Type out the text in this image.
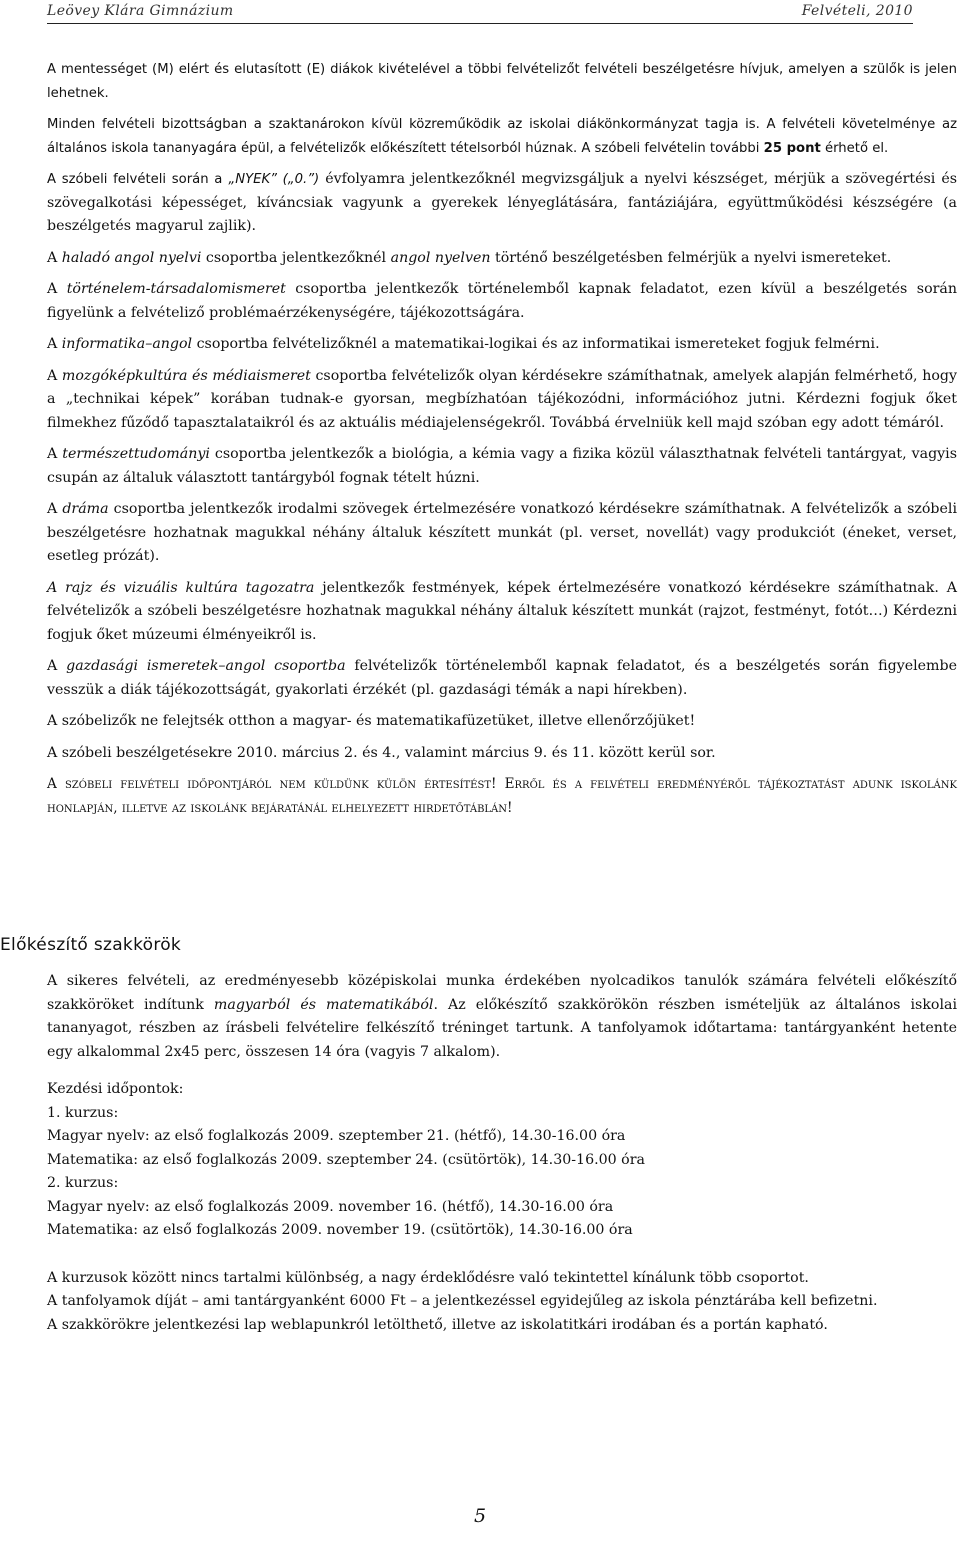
Leövey Klára Gimnázium	Felvételi, 2010

A mentességet (M) elért és elutasított (E) diákok kivételével a többi felvételizőt felvételi beszélgetésre hívjuk, amelyen a szülők is jelen lehetnek.

Minden felvételi bizottságban a szaktanárokon kívül közreműködik az iskolai diákönkormányzat tagja is. A felvételi követelménye az általános iskola tananyagára épül, a felvételizők előkészített tételsorból húznak. A szóbeli felvételin további 25 pont érhető el.

A szóbeli felvételi során a „NYEK” („0.”) évfolyamra jelentkezőknél megvizsgáljuk a nyelvi készséget, mérjük a szövegértési és szövegalkotási képességet, kíváncsiak vagyunk a gyerekek lényeglátására, fantáziájára, együttműködési készségére (a beszélgetés magyarul zajlik).

A haladó angol nyelvi csoportba jelentkezőknél angol nyelven történő beszélgetésben felmérjük a nyelvi ismereteket.

A történelem-társadalomismeret csoportba jelentkezők történelemből kapnak feladatot, ezen kívül a beszélgetés során figyelünk a felvételiző problémaérzékenységére, tájékozottságára.

A informatika–angol csoportba felvételizőknél a matematikai-logikai és az informatikai ismereteket fogjuk felmérni.

A mozgóképkultúra és médiaismeret csoportba felvételizők olyan kérdésekre számíthatnak, amelyek alapján felmérhető, hogy a „technikai képek” korában tudnak-e gyorsan, megbízhatóan tájékozódni, információhoz jutni. Kérdezni fogjuk őket filmekhez fűződő tapasztalataikról és az aktuális médiajelenségekről. Továbbá érvelniük kell majd szóban egy adott témáról.

A természettudományi csoportba jelentkezők a biológia, a kémia vagy a fizika közül választhatnak felvételi tantárgyat, vagyis csupán az általuk választott tantárgyból fognak tételt húzni.

A dráma csoportba jelentkezők irodalmi szövegek értelmezésére vonatkozó kérdésekre számíthatnak. A felvételizők a szóbeli beszélgetésre hozhatnak magukkal néhány általuk készített munkát (pl. verset, novellát) vagy produkciót (éneket, verset, esetleg prózát).

A rajz és vizuális kultúra tagozatra jelentkezők festmények, képek értelmezésére vonatkozó kérdésekre számíthatnak. A felvételizők a szóbeli beszélgetésre hozhatnak magukkal néhány általuk készített munkát (rajzot, festményt, fotót…) Kérdezni fogjuk őket múzeumi élményeikről is.

A gazdasági ismeretek–angol csoportba felvételizők történelemből kapnak feladatot, és a beszélgetés során figyelembe vesszük a diák tájékozottságát, gyakorlati érzékét (pl. gazdasági témák a napi hírekben).

A szóbelizők ne felejtsék otthon a magyar- és matematikafüzetüket, illetve ellenőrzőjüket!

A szóbeli beszélgetésekre 2010. március 2. és 4., valamint március 9. és 11. között kerül sor.

A szóbeli felvételi időpontjáról nem küldünk külön értesítést! Erről és a felvételi eredményéről tájékoztatást adunk iskolánk honlapján, illetve az iskolánk bejáratánál elhelyezett hirdetőtáblán!

Előkészítő szakkörök

A sikeres felvételi, az eredményesebb középiskolai munka érdekében nyolcadikos tanulók számára felvételi előkészítő szakköröket indítunk magyarból és matematikából. Az előkészítő szakkörökön részben ismételjük az általános iskolai tananyagot, részben az írásbeli felvételire felkészítő tréninget tartunk. A tanfolyamok időtartama: tantárgyanként hetente egy alkalommal 2x45 perc, összesen 14 óra (vagyis 7 alkalom).

Kezdési időpontok:

1. kurzus:

Magyar nyelv: az első foglalkozás 2009. szeptember 21. (hétfő), 14.30-16.00 óra

Matematika: az első foglalkozás 2009. szeptember 24. (csütörtök), 14.30-16.00 óra

2. kurzus:

Magyar nyelv: az első foglalkozás 2009. november 16. (hétfő), 14.30-16.00 óra

Matematika: az első foglalkozás 2009. november 19. (csütörtök), 14.30-16.00 óra

A kurzusok között nincs tartalmi különbség, a nagy érdeklődésre való tekintettel kínálunk több csoportot.

A tanfolyamok díját – ami tantárgyanként 6000 Ft – a jelentkezéssel egyidejűleg az iskola pénztárába kell befizetni.

A szakkörökre jelentkezési lap weblapunkról letölthető, illetve az iskolatitkári irodában és a portán kapható.

5
